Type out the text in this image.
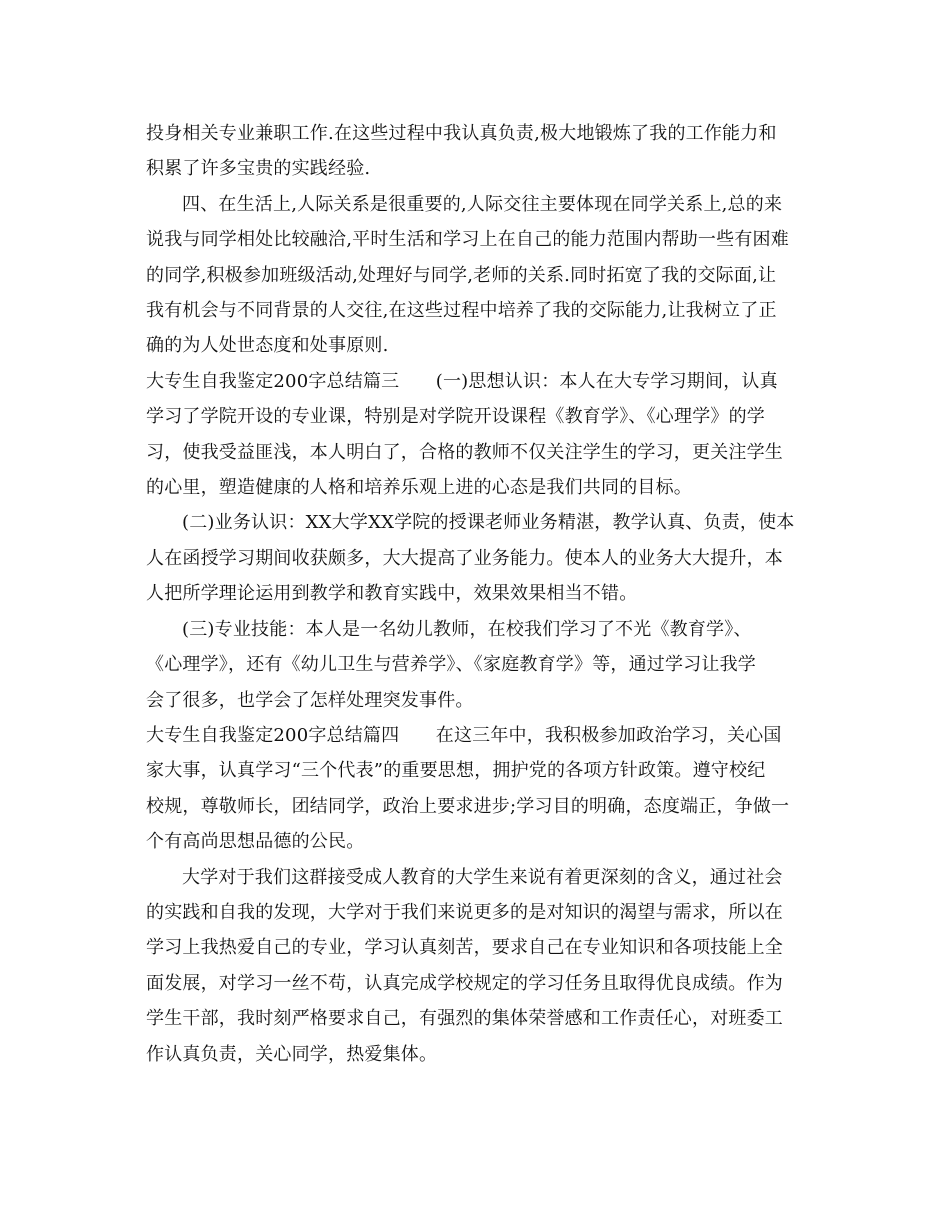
投身相关专业兼职工作.在这些过程中我认真负责,极大地锻炼了我的工作能力和
积累了许多宝贵的实践经验.
四、在生活上,人际关系是很重要的,人际交往主要体现在同学关系上,总的来
说我与同学相处比较融洽,平时生活和学习上在自己的能力范围内帮助一些有困难
的同学,积极参加班级活动,处理好与同学,老师的关系.同时拓宽了我的交际面,让
我有机会与不同背景的人交往,在这些过程中培养了我的交际能力,让我树立了正
确的为人处世态度和处事原则.
大专生自我鉴定200字总结篇三　　(一)思想认识：本人在大专学习期间，认真
学习了学院开设的专业课，特别是对学院开设课程《教育学》、《心理学》的学
习，使我受益匪浅，本人明白了，合格的教师不仅关注学生的学习，更关注学生
的心里，塑造健康的人格和培养乐观上进的心态是我们共同的目标。
(二)业务认识：XX大学XX学院的授课老师业务精湛，教学认真、负责，使本
人在函授学习期间收获颇多，大大提高了业务能力。使本人的业务大大提升，本
人把所学理论运用到教学和教育实践中，效果效果相当不错。
(三)专业技能：本人是一名幼儿教师，在校我们学习了不光《教育学》、
《心理学》，还有《幼儿卫生与营养学》、《家庭教育学》等，通过学习让我学
会了很多，也学会了怎样处理突发事件。
大专生自我鉴定200字总结篇四　　在这三年中，我积极参加政治学习，关心国
家大事，认真学习“三个代表”的重要思想，拥护党的各项方针政策。遵守校纪
校规，尊敬师长，团结同学，政治上要求进步;学习目的明确，态度端正，争做一
个有高尚思想品德的公民。
大学对于我们这群接受成人教育的大学生来说有着更深刻的含义，通过社会
的实践和自我的发现，大学对于我们来说更多的是对知识的渴望与需求，所以在
学习上我热爱自己的专业，学习认真刻苦，要求自己在专业知识和各项技能上全
面发展，对学习一丝不苟，认真完成学校规定的学习任务且取得优良成绩。作为
学生干部，我时刻严格要求自己，有强烈的集体荣誉感和工作责任心，对班委工
作认真负责，关心同学，热爱集体。
